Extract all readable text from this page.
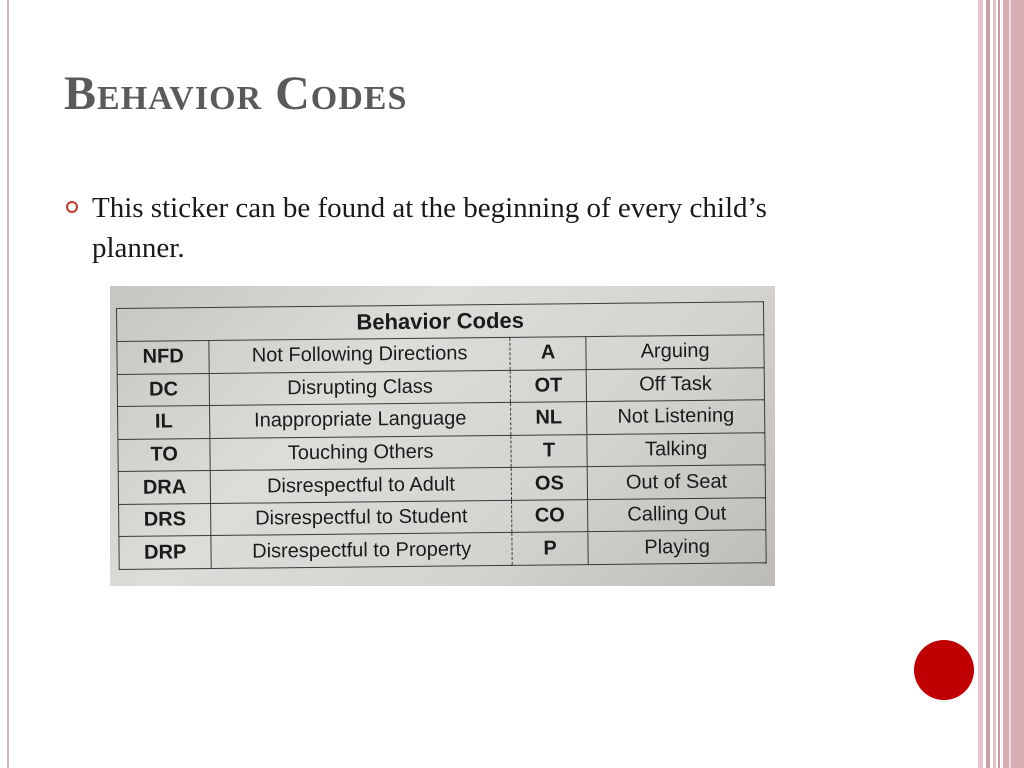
Behavior Codes
This sticker can be found at the beginning of every child’s planner.
Behavior Codes			
NFD	Not Following Directions	A	Arguing
DC	Disrupting Class	OT	Off Task
IL	Inappropriate Language	NL	Not Listening
TO	Touching Others	T	Talking
DRA	Disrespectful to Adult	OS	Out of Seat
DRS	Disrespectful to Student	CO	Calling Out
DRP	Disrespectful to Property	P	Playing
